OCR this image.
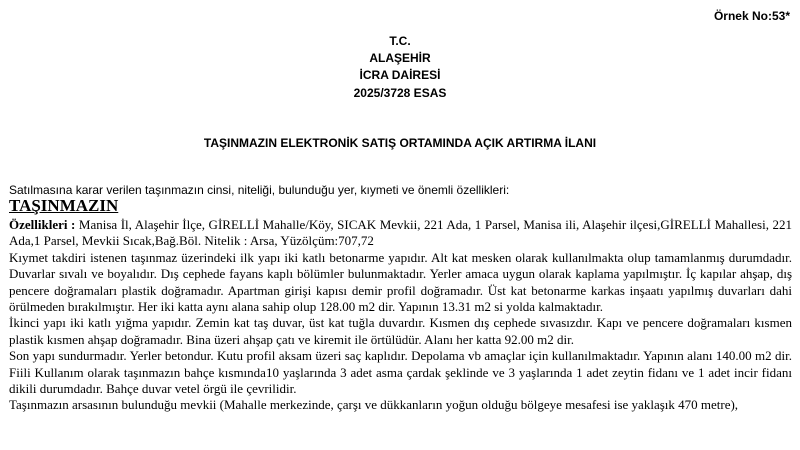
Örnek No:53*
T.C.
ALAŞEHİR
İCRA DAİRESİ
2025/3728 ESAS
TAŞINMAZIN ELEKTRONİK SATIŞ ORTAMINDA AÇIK ARTIRMA İLANI
Satılmasına karar verilen taşınmazın cinsi, niteliği, bulunduğu yer, kıymeti ve önemli özellikleri:
TAŞINMAZIN

Özellikleri : Manisa İl, Alaşehir İlçe, GİRELLİ Mahalle/Köy, SICAK Mevkii, 221 Ada, 1 Parsel, Manisa ili, Alaşehir ilçesi,GİRELLİ Mahallesi, 221 Ada,1 Parsel, Mevkii Sıcak,Bağ.Böl. Nitelik : Arsa, Yüzölçüm:707,72

Kıymet takdiri istenen taşınmaz üzerindeki ilk yapı iki katlı betonarme yapıdır. Alt kat mesken olarak kullanılmakta olup tamamlanmış durumdadır. Duvarlar sıvalı ve boyalıdır. Dış cephede fayans kaplı bölümler bulunmaktadır. Yerler amaca uygun olarak kaplama yapılmıştır. İç kapılar ahşap, dış pencere doğramaları plastik doğramadır. Apartman girişi kapısı demir profil doğramadır. Üst kat betonarme karkas inşaatı yapılmış duvarları dahi örülmeden bırakılmıştır. Her iki katta aynı alana sahip olup 128.00 m2 dir. Yapının 13.31 m2 si yolda kalmaktadır.

İkinci yapı iki katlı yığma yapıdır. Zemin kat taş duvar, üst kat tuğla duvardır. Kısmen dış cephede sıvasızdır. Kapı ve pencere doğramaları kısmen plastik kısmen ahşap doğramadır. Bina üzeri ahşap çatı ve kiremit ile örtülüdür. Alanı her katta 92.00 m2 dir.

Son yapı sundurmadır. Yerler betondur. Kutu profil aksam üzeri saç kaplıdır. Depolama vb amaçlar için kullanılmaktadır. Yapının alanı 140.00 m2 dir. Fiili Kullanım olarak taşınmazın bahçe kısmında10 yaşlarında 3 adet asma çardak şeklinde ve 3 yaşlarında 1 adet zeytin fidanı ve 1 adet incir fidanı dikili durumdadır. Bahçe duvar vetel örgü ile çevrilidir.

Taşınmazın arsasının bulunduğu mevkii (Mahalle merkezinde, çarşı ve dükkanların yoğun olduğu bölgeye mesafesi ise yaklaşık 470 metre),
